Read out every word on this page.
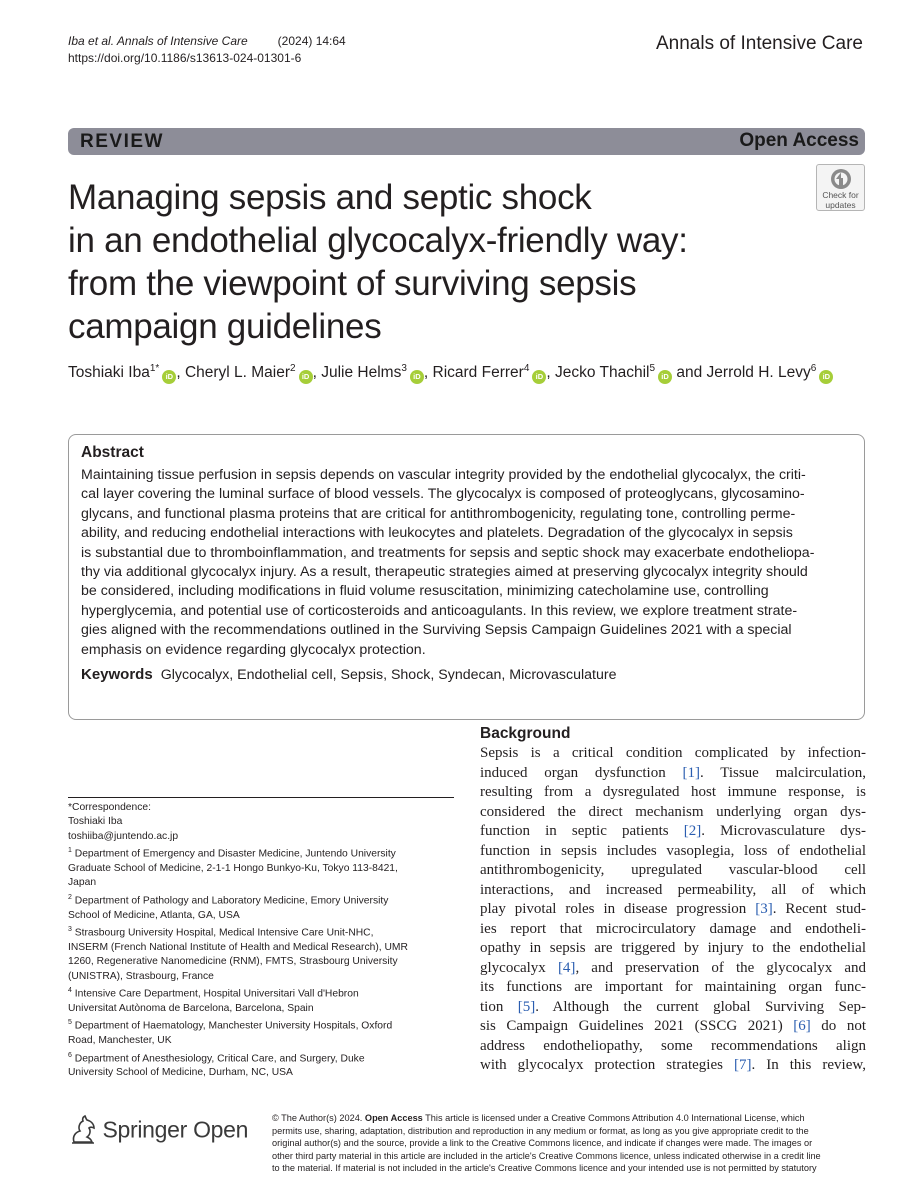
Iba et al. Annals of Intensive Care	(2024) 14:64
https://doi.org/10.1186/s13613-024-01301-6
Annals of Intensive Care
REVIEW	Open Access
Check for
updates
Managing sepsis and septic shock
in an endothelial glycocalyx-friendly way:
from the viewpoint of surviving sepsis
campaign guidelines
Toshiaki Iba$^{1*}$iD , Cheryl L. Maier$^2$iD , Julie Helms$^3$iD , Ricard Ferrer$^4$iD , Jecko Thachil$^5$iD and Jerrold H. Levy$^6$iD
Abstract
Maintaining tissue perfusion in sepsis depends on vascular integrity provided by the endothelial glycocalyx, the criti-
cal layer covering the luminal surface of blood vessels. The glycocalyx is composed of proteoglycans, glycosamino-
glycans, and functional plasma proteins that are critical for antithrombogenicity, regulating tone, controlling perme-
ability, and reducing endothelial interactions with leukocytes and platelets. Degradation of the glycocalyx in sepsis
is substantial due to thromboinflammation, and treatments for sepsis and septic shock may exacerbate endotheliopa-
thy via additional glycocalyx injury. As a result, therapeutic strategies aimed at preserving glycocalyx integrity should
be considered, including modifications in fluid volume resuscitation, minimizing catecholamine use, controlling
hyperglycemia, and potential use of corticosteroids and anticoagulants. In this review, we explore treatment strate-
gies aligned with the recommendations outlined in the Surviving Sepsis Campaign Guidelines 2021 with a special
emphasis on evidence regarding glycocalyx protection.
Keywords Glycocalyx, Endothelial cell, Sepsis, Shock, Syndecan, Microvasculature
Background
Sepsis is a critical condition complicated by infection-
induced organ dysfunction [1]. Tissue malcirculation,
resulting from a dysregulated host immune response, is
considered the direct mechanism underlying organ dys-
function in septic patients [2]. Microvasculature dys-
function in sepsis includes vasoplegia, loss of endothelial
antithrombogenicity, upregulated vascular-blood cell
interactions, and increased permeability, all of which
play pivotal roles in disease progression [3]. Recent stud-
ies report that microcirculatory damage and endotheli-
opathy in sepsis are triggered by injury to the endothelial
glycocalyx [4], and preservation of the glycocalyx and
its functions are important for maintaining organ func-
tion [5]. Although the current global Surviving Sep-
sis Campaign Guidelines 2021 (SSCG 2021) [6] do not
address endotheliopathy, some recommendations align
with glycocalyx protection strategies [7]. In this review,
*Correspondence:
Toshiaki Iba
toshiiba@juntendo.ac.jp
$^1$ Department of Emergency and Disaster Medicine, Juntendo University
Graduate School of Medicine, 2-1-1 Hongo Bunkyo-Ku, Tokyo 113-8421,
Japan
$^2$ Department of Pathology and Laboratory Medicine, Emory University
School of Medicine, Atlanta, GA, USA
$^3$ Strasbourg University Hospital, Medical Intensive Care Unit-NHC,
INSERM (French National Institute of Health and Medical Research), UMR
1260, Regenerative Nanomedicine (RNM), FMTS, Strasbourg University
(UNISTRA), Strasbourg, France
$^4$ Intensive Care Department, Hospital Universitari Vall d'Hebron
Universitat Autònoma de Barcelona, Barcelona, Spain
$^5$ Department of Haematology, Manchester University Hospitals, Oxford
Road, Manchester, UK
$^6$ Department of Anesthesiology, Critical Care, and Surgery, Duke
University School of Medicine, Durham, NC, USA
Springer Open	© The Author(s) 2024. Open Access This article is licensed under a Creative Commons Attribution 4.0 International License, which
permits use, sharing, adaptation, distribution and reproduction in any medium or format, as long as you give appropriate credit to the
original author(s) and the source, provide a link to the Creative Commons licence, and indicate if changes were made. The images or
other third party material in this article are included in the article's Creative Commons licence, unless indicated otherwise in a credit line
to the material. If material is not included in the article's Creative Commons licence and your intended use is not permitted by statutory
